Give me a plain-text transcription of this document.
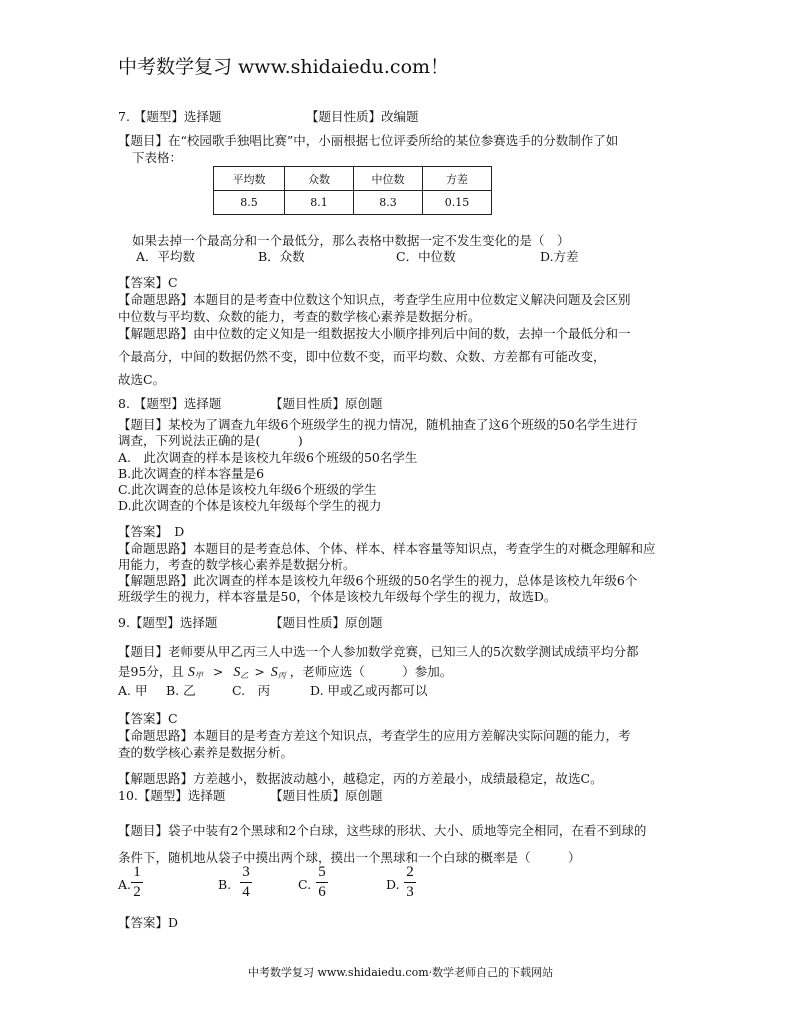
中考数学复习 www.shidaiedu.com！
7. 【题型】选择题	【题目性质】改编题
【题目】在“校园歌手独唱比赛”中，小丽根据七位评委所给的某位参赛选手的分数制作了如
下表格：
平均数	众数	中位数	方差
8.5	8.1	8.3	0.15
如果去掉一个最高分和一个最低分，那么表格中数据一定不发生变化的是（　）
A．平均数	B．众数	C．中位数	D.方差
【答案】C
【命题思路】本题目的是考查中位数这个知识点，考查学生应用中位数定义解决问题及会区别
中位数与平均数、众数的能力，考查的数学核心素养是数据分析。
【解题思路】由中位数的定义知是一组数据按大小顺序排列后中间的数，去掉一个最低分和一
个最高分，中间的数据仍然不变，即中位数不变，而平均数、众数、方差都有可能改变，
故选C。
8. 【题型】选择题	【题目性质】原创题
【题目】某校为了调查九年级6个班级学生的视力情况，随机抽查了这6个班级的50名学生进行
调查，下列说法正确的是(　　　)
A.　此次调查的样本是该校九年级6个班级的50名学生
B.此次调查的样本容量是6
C.此次调查的总体是该校九年级6个班级的学生
D.此次调查的个体是该校九年级每个学生的视力
【答案】　D
【命题思路】本题目的是考查总体、个体、样本、样本容量等知识点，考查学生的对概念理解和应
用能力，考查的数学核心素养是数据分析。
【解题思路】此次调查的样本是该校九年级6个班级的50名学生的视力，总体是该校九年级6个
班级学生的视力，样本容量是50，个体是该校九年级每个学生的视力，故选D。
9.【题型】选择题	【题目性质】原创题
【题目】老师要从甲乙丙三人中选一个人参加数学竞赛，已知三人的5次数学测试成绩平均分都
是95分，且 $S_甲 > S_乙 > S_丙$ ，老师应选（　　　）参加。
A. 甲 B. 乙	C.　丙	D. 甲或乙或丙都可以
【答案】C
【命题思路】本题目的是考查方差这个知识点，考查学生的应用方差解决实际问题的能力，考
查的数学核心素养是数据分析。
【解题思路】方差越小，数据波动越小，越稳定，丙的方差最小，成绩最稳定，故选C。
10.【题型】选择题	【题目性质】原创题
【题目】袋子中装有2个黑球和2个白球，这些球的形状、大小、质地等完全相同，在看不到球的
条件下，随机地从袋子中摸出两个球，摸出一个黑球和一个白球的概率是（　　　）
A.
1
2	B.
3
4	C.
5
6	D.
2
3
【答案】D
中考数学复习 www.shidaiedu.com·数学老师自己的下载网站
